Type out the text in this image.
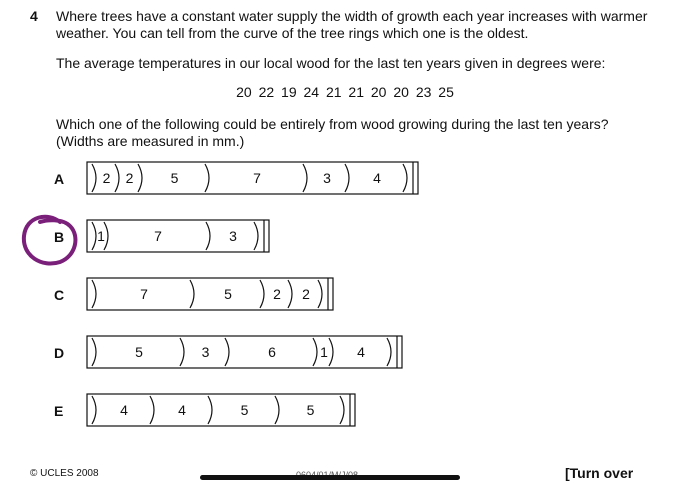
4 Where trees have a constant water supply the width of growth each year increases with warmer weather. You can tell from the curve of the tree rings which one is the oldest.
The average temperatures in our local wood for the last ten years given in degrees were:
20 22 19 24 21 21 20 20 23 25
Which one of the following could be entirely from wood growing during the last ten years? (Widths are measured in mm.)
A
B
C
D
E
2 2	5	7	3	4
1	7	3
7	5	2 2
5	3	6	1 4
4	4	5	5
© UCLES 2008	[Turn over
